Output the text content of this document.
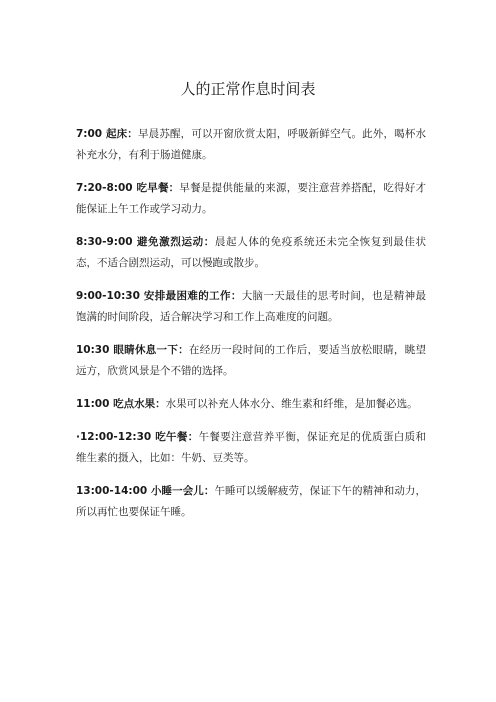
人的正常作息时间表

7:00 起床：早晨苏醒，可以开窗欣赏太阳，呼吸新鲜空气。此外，喝杯水补充水分，有利于肠道健康。

7:20-8:00 吃早餐：早餐是提供能量的来源，要注意营养搭配，吃得好才能保证上午工作或学习动力。

8:30-9:00 避免激烈运动：晨起人体的免疫系统还未完全恢复到最佳状态，不适合剧烈运动，可以慢跑或散步。

9:00-10:30 安排最困难的工作：大脑一天最佳的思考时间，也是精神最饱满的时间阶段，适合解决学习和工作上高难度的问题。

10:30 眼睛休息一下：在经历一段时间的工作后，要适当放松眼睛，眺望远方，欣赏风景是个不错的选择。

11:00 吃点水果：水果可以补充人体水分、维生素和纤维，是加餐必选。

·12:00-12:30 吃午餐：午餐要注意营养平衡，保证充足的优质蛋白质和维生素的摄入，比如：牛奶、豆类等。

13:00-14:00 小睡一会儿：午睡可以缓解疲劳，保证下午的精神和动力，所以再忙也要保证午睡。
